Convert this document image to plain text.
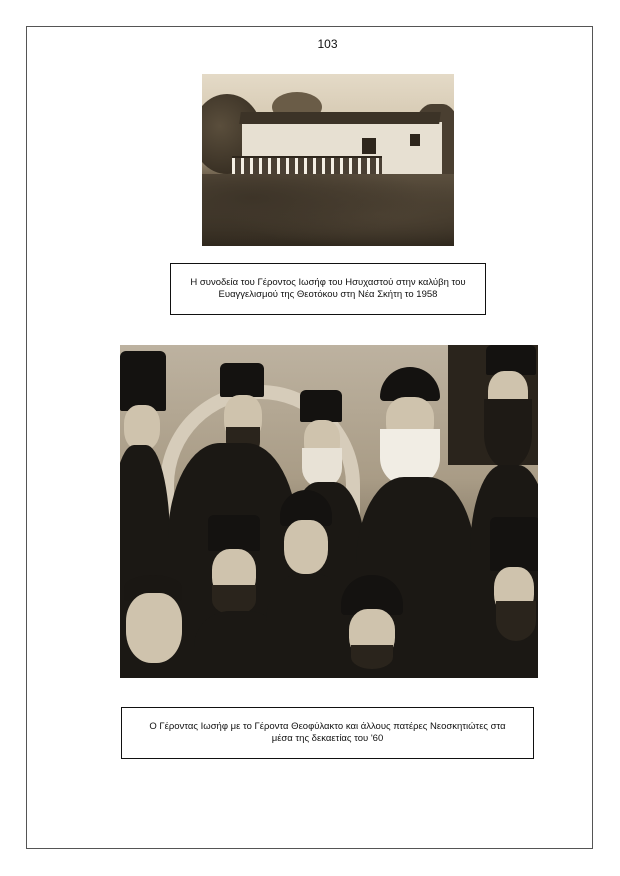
103
Η συνοδεία του Γέροντος Ιωσήφ του Ησυχαστού στην καλύβη του
Ευαγγελισμού της Θεοτόκου στη Νέα Σκήτη το 1958
Ο Γέροντας Ιωσήφ με το Γέροντα Θεοφύλακτο και άλλους πατέρες Νεοσκητιώτες στα
μέσα της δεκαετίας του '60
